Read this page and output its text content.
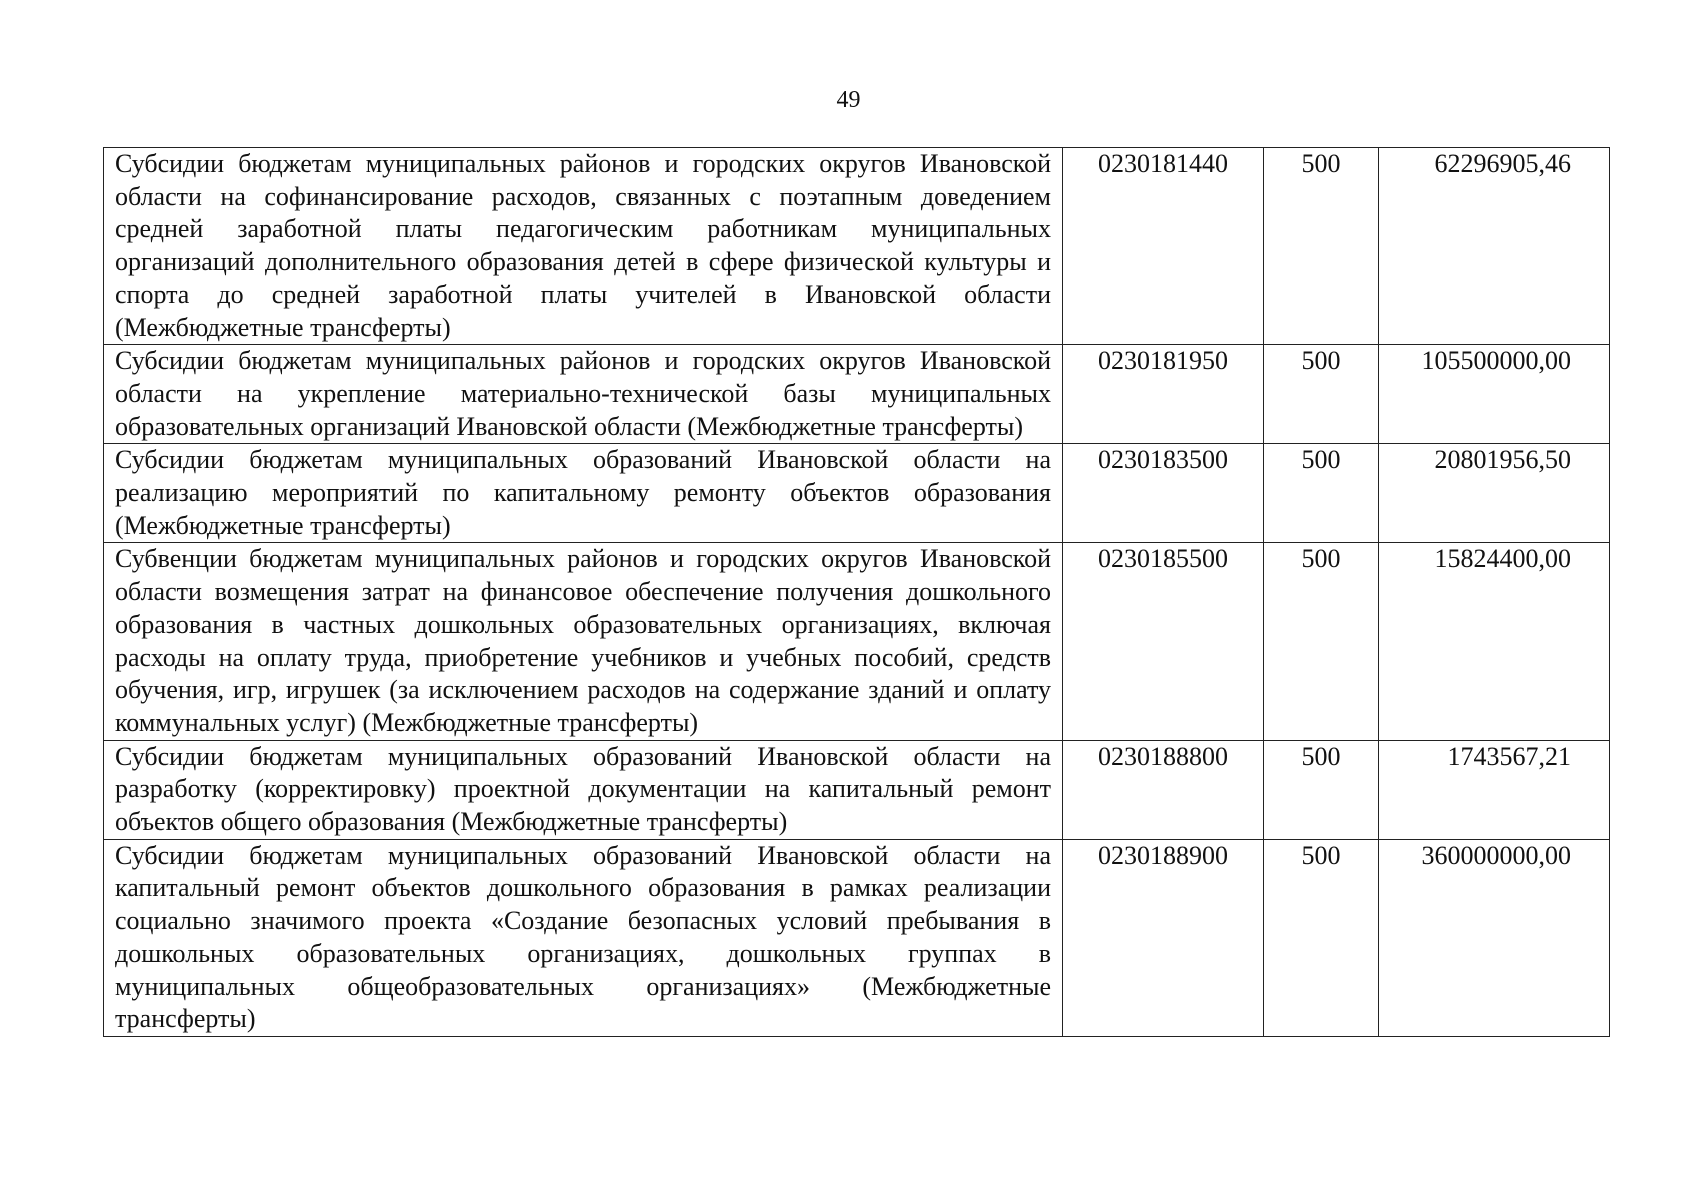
49
Субсидии бюджетам муниципальных районов и городских округов Ивановской области на софинансирование расходов, связанных с поэтапным доведением средней заработной платы педагогическим работникам муниципальных организаций дополнительного образования детей в сфере физической культуры и спорта до средней заработной платы учителей в Ивановской области (Межбюджетные трансферты)	0230181440	500	62296905,46
Субсидии бюджетам муниципальных районов и городских округов Ивановской области на укрепление материально-технической базы муниципальных образовательных организаций Ивановской области (Межбюджетные трансферты)	0230181950	500	105500000,00
Субсидии бюджетам муниципальных образований Ивановской области на реализацию мероприятий по капитальному ремонту объектов образования (Межбюджетные трансферты)	0230183500	500	20801956,50
Субвенции бюджетам муниципальных районов и городских округов Ивановской области возмещения затрат на финансовое обеспечение получения дошкольного образования в частных дошкольных образовательных организациях, включая расходы на оплату труда, приобретение учебников и учебных пособий, средств обучения, игр, игрушек (за исключением расходов на содержание зданий и оплату коммунальных услуг) (Межбюджетные трансферты)	0230185500	500	15824400,00
Субсидии бюджетам муниципальных образований Ивановской области на разработку (корректировку) проектной документации на капитальный ремонт объектов общего образования (Межбюджетные трансферты)	0230188800	500	1743567,21
Субсидии бюджетам муниципальных образований Ивановской области на капитальный ремонт объектов дошкольного образования в рамках реализации социально значимого проекта «Создание безопасных условий пребывания в дошкольных образовательных организациях, дошкольных группах в муниципальных общеобразовательных организациях» (Межбюджетные трансферты)	0230188900	500	360000000,00
